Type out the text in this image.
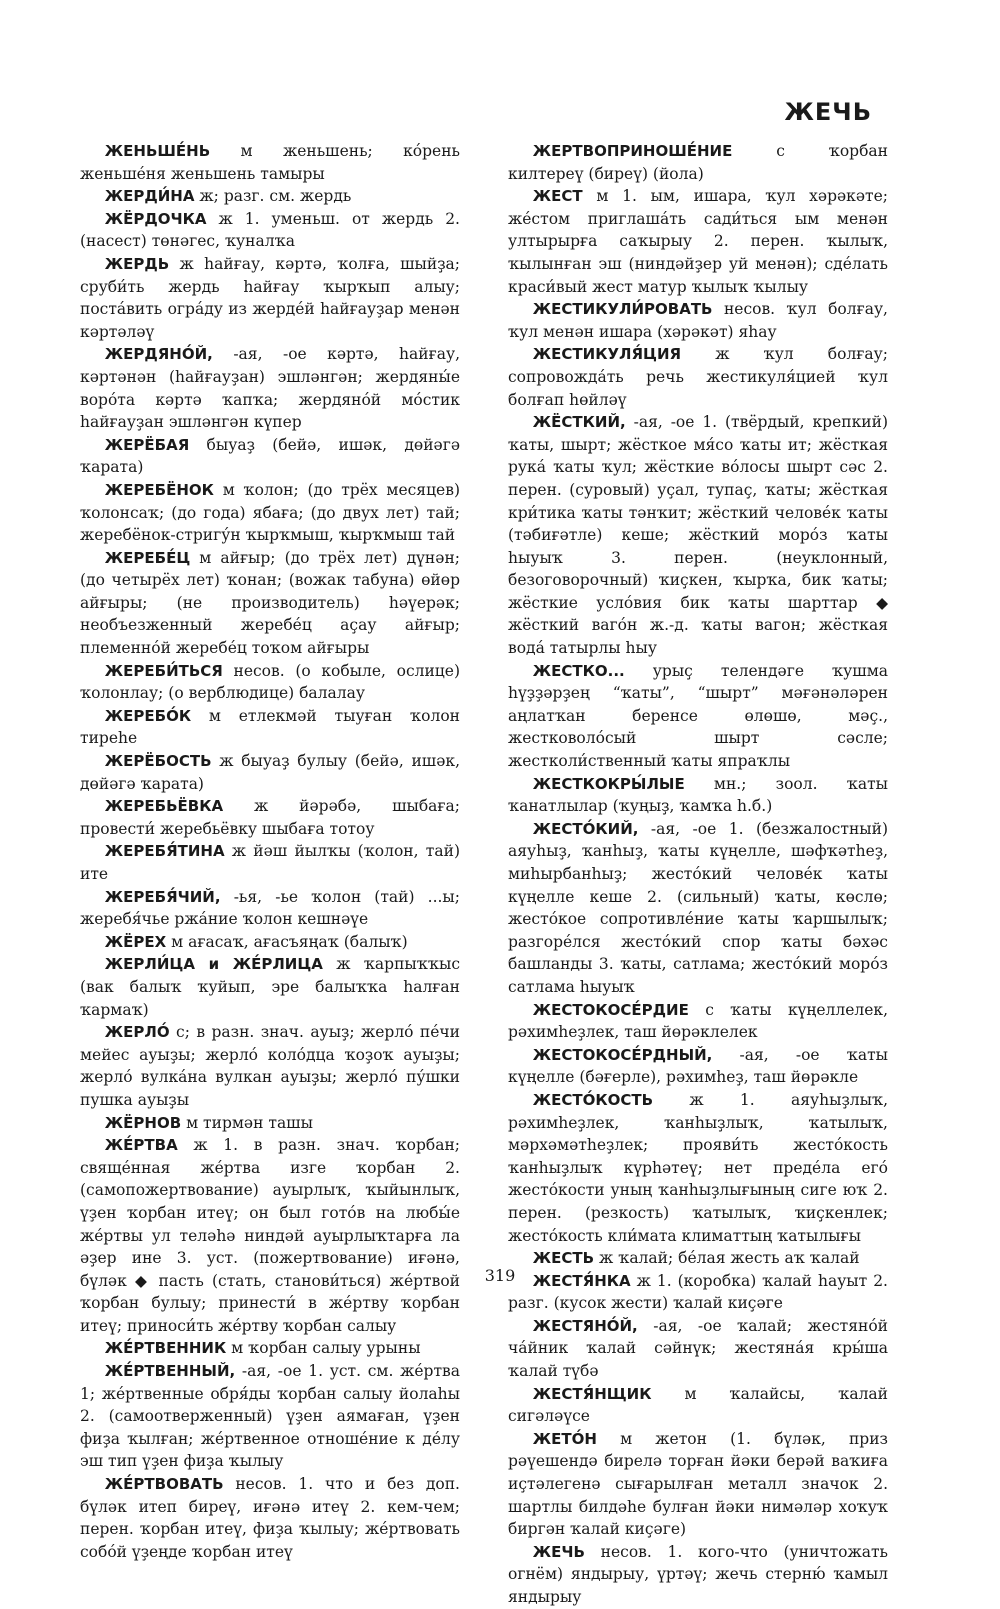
ЖЕЧЬ

ЖЕНЬШЕ́НЬ м женьшень; ко́рень женьше́ня женьшень тамыры

ЖЕРДИ́НА ж; разг. см. жердь

ЖЁРДОЧКА ж 1. уменьш. от жердь 2. (насест) төнәгес, ҡуналҡа

ЖЕРДЬ ж һайғау, кәртә, ҡолға, шыйҙа; сруби́ть жердь һайғау ҡырҡып алыу; поста́вить огра́ду из жерде́й һайғауҙар менән кәртәләү

ЖЕРДЯНО́Й, -ая, -ое кәртә, һайғау, кәртәнән (һайғауҙан) эшләнгән; жердяны́е воро́та кәртә ҡапҡа; жердяно́й мо́стик һайғауҙан эшләнгән күпер

ЖЕРЁБАЯ быуаҙ (бейә, ишәк, дөйәгә ҡарата)

ЖЕРЕБЁНОК м ҡолон; (до трёх месяцев) ҡолонсаҡ; (до года) ябаға; (до двух лет) тай; жеребёнок-стригу́н ҡырҡмыш, ҡырҡмыш тай

ЖЕРЕБЕ́Ц м айғыр; (до трёх лет) дүнән; (до четырёх лет) ҡонан; (вожак табуна) өйөр айғыры; (не производитель) һәүерәк; необъезженный жеребе́ц аҫау айғыр; племенно́й жеребе́ц тоҡом айғыры

ЖЕРЕБИ́ТЬСЯ несов. (о кобыле, ослице) ҡолонлау; (о верблюдице) балалау

ЖЕРЕБО́К м етлекмәй тыуған ҡолон тиреһе

ЖЕРЁБОСТЬ ж быуаҙ булыу (бейә, ишәк, дөйәгә ҡарата)

ЖЕРЕБЬЁВКА ж йәрәбә, шыбаға; провести́ жеребьёвку шыбаға тотоу

ЖЕРЕБЯ́ТИНА ж йәш йылҡы (ҡолон, тай) ите

ЖЕРЕБЯ́ЧИЙ, -ья, -ье ҡолон (тай) ...ы; жеребя́чье ржа́ние ҡолон кешнәүе

ЖЁРЕХ м ағасаҡ, ағасъяңаҡ (балыҡ)

ЖЕРЛИ́ЦА и ЖЕ́РЛИЦА ж ҡарпыҡҡыс (вак балыҡ ҡуйып, эре балыҡҡа һалған ҡармаҡ)

ЖЕРЛО́ с; в разн. знач. ауыҙ; жерло́ пе́чи мейес ауыҙы; жерло́ коло́дца ҡоҙоҡ ауыҙы; жерло́ вулка́на вулкан ауыҙы; жерло́ пу́шки пушка ауыҙы

ЖЁРНОВ м тирмән ташы

ЖЕ́РТВА ж 1. в разн. знач. ҡорбан; свяще́нная же́ртва изге ҡорбан 2. (самопожертвование) ауырлыҡ, ҡыйынлыҡ, үҙен ҡорбан итеү; он был гото́в на любы́е же́ртвы ул теләһә ниндәй ауырлыҡтарға ла әҙер ине 3. уст. (пожертвование) иғәнә, бүләк ◆ пасть (стать, станови́ться) же́ртвой ҡорбан булыу; принести́ в же́ртву ҡорбан итеү; приноси́ть же́ртву ҡорбан салыу

ЖЕ́РТВЕННИК м ҡорбан салыу урыны

ЖЕ́РТВЕННЫЙ, -ая, -ое 1. уст. см. же́ртва 1; же́ртвенные обря́ды ҡорбан салыу йолаһы 2. (самоотверженный) үҙен аямаған, үҙен фиҙа ҡылған; же́ртвенное отноше́ние к де́лу эш тип үҙен фиҙа ҡылыу

ЖЕ́РТВОВАТЬ несов. 1. что и без доп. бүләк итеп биреү, иғәнә итеү 2. кем-чем; перен. ҡорбан итеү, фиҙа ҡылыу; же́ртвовать собо́й үҙеңде ҡорбан итеү

ЖЕРТВОПРИНОШЕ́НИЕ с ҡорбан килтереү (биреү) (йола)

ЖЕСТ м 1. ым, ишара, ҡул хәрәкәте; же́стом приглаша́ть сади́ться ым менән ултырырға саҡырыу 2. перен. ҡылыҡ, ҡылынған эш (ниндәйҙер уй менән); сде́лать краси́вый жест матур ҡылыҡ ҡылыу

ЖЕСТИКУЛИ́РОВАТЬ несов. ҡул болғау, ҡул менән ишара (хәрәкәт) яһау

ЖЕСТИКУЛЯ́ЦИЯ ж ҡул болғау; сопровожда́ть речь жестикуля́цией ҡул болғап һөйләү

ЖЁСТКИЙ, -ая, -ое 1. (твёрдый, крепкий) ҡаты, шырт; жёсткое мя́со ҡаты ит; жёсткая рука́ ҡаты ҡул; жёсткие во́лосы шырт сәс 2. перен. (суровый) уҫал, тупаҫ, ҡаты; жёсткая кри́тика ҡаты тәнҡит; жёсткий челове́к ҡаты (тәбиғәтле) кеше; жёсткий моро́з ҡаты һыуыҡ 3. перен. (неуклонный, безоговорочный) ҡиҫкен, ҡырҡа, бик ҡаты; жёсткие усло́вия бик ҡаты шарттар ◆ жёсткий ваго́н ж.-д. ҡаты вагон; жёсткая вода́ татырлы һыу

ЖЕСТКО... урыҫ телендәге ҡушма һүҙҙәрҙең “ҡаты”, “шырт” мәғәнәләрен аңлатҡан беренсе өлөшө, мәҫ., жестковоло́сый шырт сәсле; жестколи́ственный ҡаты япраҡлы

ЖЕСТКОКРЫ́ЛЫЕ мн.; зоол. ҡаты ҡанатлылар (ҡуңыҙ, ҡамҡа һ.б.)

ЖЕСТО́КИЙ, -ая, -ое 1. (безжалостный) аяуһыҙ, ҡанһыҙ, ҡаты күңелле, шәфҡәтһеҙ, миһырбанһыҙ; жесто́кий челове́к ҡаты күңелле кеше 2. (сильный) ҡаты, көслө; жесто́кое сопротивле́ние ҡаты ҡаршылыҡ; разгоре́лся жесто́кий спор ҡаты бәхәс башланды 3. ҡаты, сатлама; жесто́кий моро́з сатлама һыуыҡ

ЖЕСТОКОСЕ́РДИЕ с ҡаты күңеллелек, рәхимһеҙлек, таш йөрәклелек

ЖЕСТОКОСЕ́РДНЫЙ, -ая, -ое ҡаты күңелле (бәғерле), рәхимһеҙ, таш йөрәкле

ЖЕСТО́КОСТЬ ж 1. аяуһыҙлыҡ, рәхимһеҙлек, ҡанһыҙлыҡ, ҡатылыҡ, мәрхәмәтһеҙлек; прояви́ть жесто́кость ҡанһыҙлыҡ күрһәтеү; нет преде́ла его́ жесто́кости уның ҡанһыҙлығының сиге юҡ 2. перен. (резкость) ҡатылыҡ, ҡиҫкенлек; жесто́кость кли́мата климаттың ҡатылығы

ЖЕСТЬ ж ҡалай; бе́лая жесть аҡ ҡалай

ЖЕСТЯ́НКА ж 1. (коробка) ҡалай һауыт 2. разг. (кусок жести) ҡалай киҫәге

ЖЕСТЯНО́Й, -ая, -ое ҡалай; жестяно́й ча́йник ҡалай сәйнүк; жестяна́я кры́ша ҡалай түбә

ЖЕСТЯ́НЩИК м ҡалайсы, ҡалай сигәләүсе

ЖЕТО́Н м жетон (1. бүләк, приз рәүешендә бирелә торған йәки берәй ваҡиға иҫтәлегенә сығарылған металл значок 2. шартлы билдәһе булған йәки нимәләр хоҡуҡ биргән ҡалай киҫәге)

ЖЕЧЬ несов. 1. кого-что (уничтожать огнём) яндырыу, үртәү; жечь стерню́ ҡамыл яндырыу

319
